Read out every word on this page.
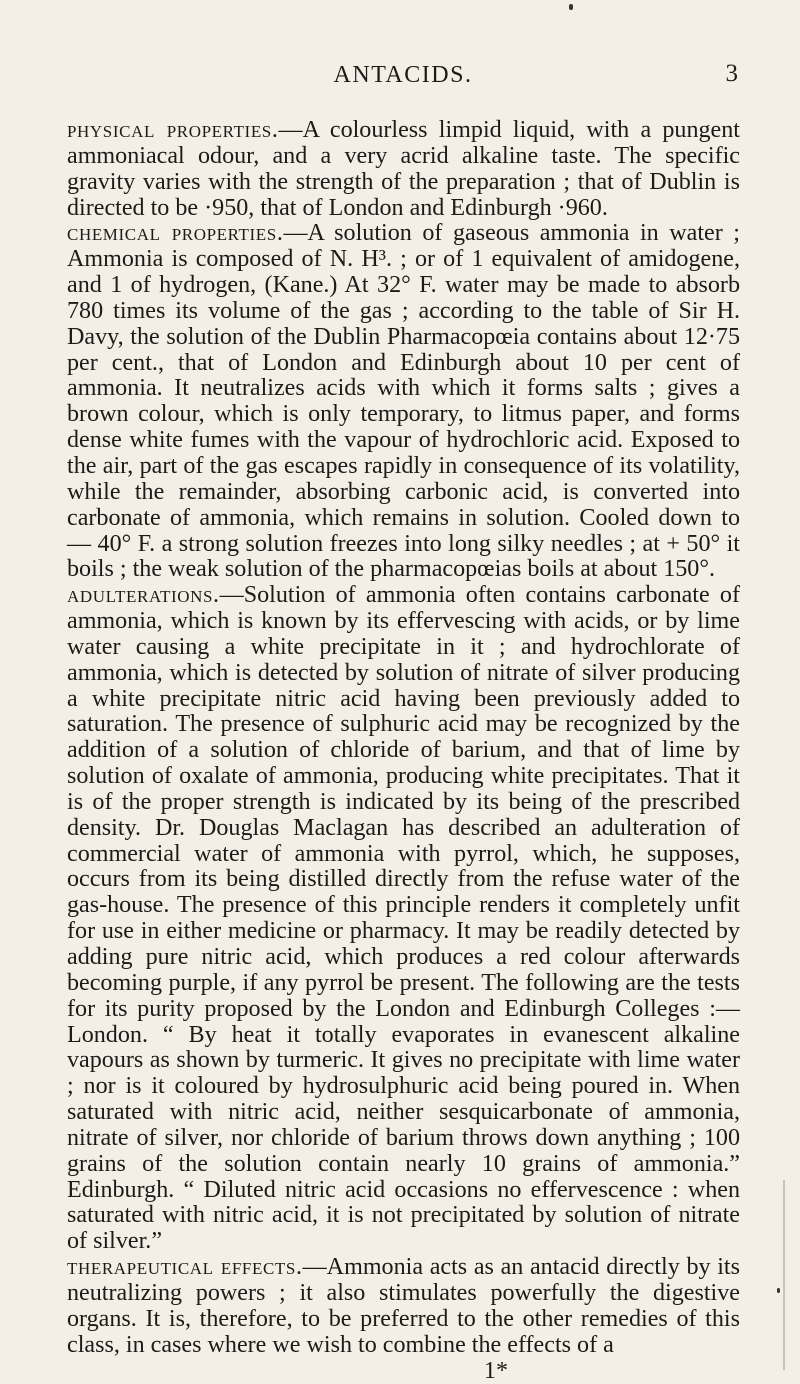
ANTACIDS.	3

physical properties.—A colourless limpid liquid, with a pungent ammoniacal odour, and a very acrid alkaline taste. The specific gravity varies with the strength of the preparation ; that of Dublin is directed to be ·950, that of London and Edinburgh ·960.

chemical properties.—A solution of gaseous ammonia in water ; Ammonia is composed of N. H³. ; or of 1 equivalent of amidogene, and 1 of hydrogen, (Kane.) At 32° F. water may be made to absorb 780 times its volume of the gas ; according to the table of Sir H. Davy, the solution of the Dublin Pharmacopœia contains about 12·75 per cent., that of London and Edinburgh about 10 per cent of ammonia. It neutralizes acids with which it forms salts ; gives a brown colour, which is only temporary, to litmus paper, and forms dense white fumes with the vapour of hydrochloric acid. Exposed to the air, part of the gas escapes rapidly in consequence of its volatility, while the remainder, absorbing carbonic acid, is converted into carbonate of ammonia, which remains in solution. Cooled down to — 40° F. a strong solution freezes into long silky needles ; at + 50° it boils ; the weak solution of the pharmacopœias boils at about 150°.

adulterations.—Solution of ammonia often contains carbonate of ammonia, which is known by its effervescing with acids, or by lime water causing a white precipitate in it ; and hydrochlorate of ammonia, which is detected by solution of nitrate of silver producing a white precipitate nitric acid having been previously added to saturation. The presence of sulphuric acid may be recognized by the addition of a solution of chloride of barium, and that of lime by solution of oxalate of ammonia, producing white precipitates. That it is of the proper strength is indicated by its being of the prescribed density. Dr. Douglas Maclagan has described an adulteration of commercial water of ammonia with pyrrol, which, he supposes, occurs from its being distilled directly from the refuse water of the gas-house. The presence of this principle renders it completely unfit for use in either medicine or pharmacy. It may be readily detected by adding pure nitric acid, which produces a red colour afterwards becoming purple, if any pyrrol be present. The following are the tests for its purity proposed by the London and Edinburgh Colleges :—London. “ By heat it totally evaporates in evanescent alkaline vapours as shown by turmeric. It gives no precipitate with lime water ; nor is it coloured by hydrosulphuric acid being poured in. When saturated with nitric acid, neither sesquicarbonate of ammonia, nitrate of silver, nor chloride of barium throws down anything ; 100 grains of the solution contain nearly 10 grains of ammonia.” Edinburgh. “ Diluted nitric acid occasions no effervescence : when saturated with nitric acid, it is not precipitated by solution of nitrate of silver.”

therapeutical effects.—Ammonia acts as an antacid directly by its neutralizing powers ; it also stimulates powerfully the digestive organs. It is, therefore, to be preferred to the other remedies of this class, in cases where we wish to combine the effects of a

1*
